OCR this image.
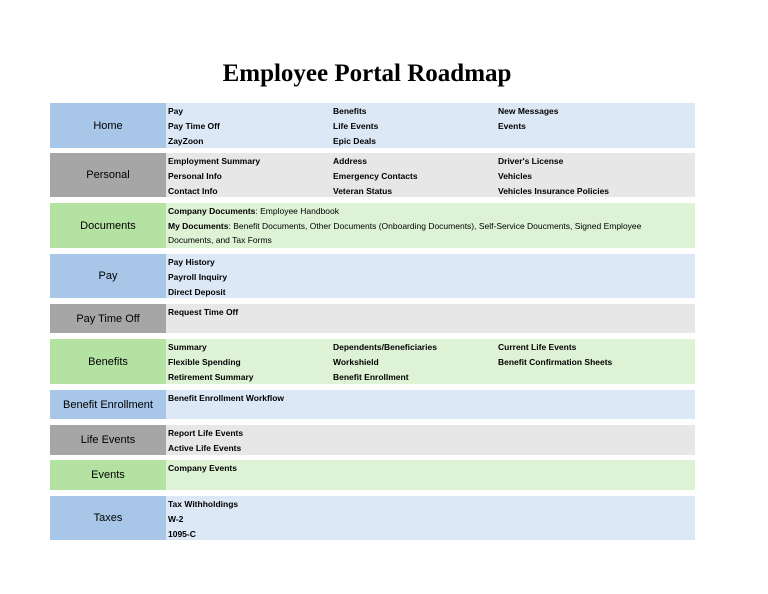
Employee Portal Roadmap
Home
Pay
Pay Time Off
ZayZoon
Benefits
Life Events
Epic Deals
New Messages
Events
Personal
Employment Summary
Personal Info
Contact Info
Address
Emergency Contacts
Veteran Status
Driver's License
Vehicles
Vehicles Insurance Policies
Documents
Company Documents: Employee Handbook
My Documents: Benefit Documents, Other Documents (Onboarding Documents), Self-Service Doucments, Signed Employee Documents, and Tax Forms
Pay
Pay History
Payroll Inquiry
Direct Deposit
Pay Time Off
Request Time Off
Benefits
Summary
Flexible Spending
Retirement Summary
Dependents/Beneficiaries
Workshield
Benefit Enrollment
Current Life Events
Benefit Confirmation Sheets
Benefit Enrollment
Benefit Enrollment Workflow
Life Events
Report Life Events
Active Life Events
Events
Company Events
Taxes
Tax Withholdings
W-2
1095-C
